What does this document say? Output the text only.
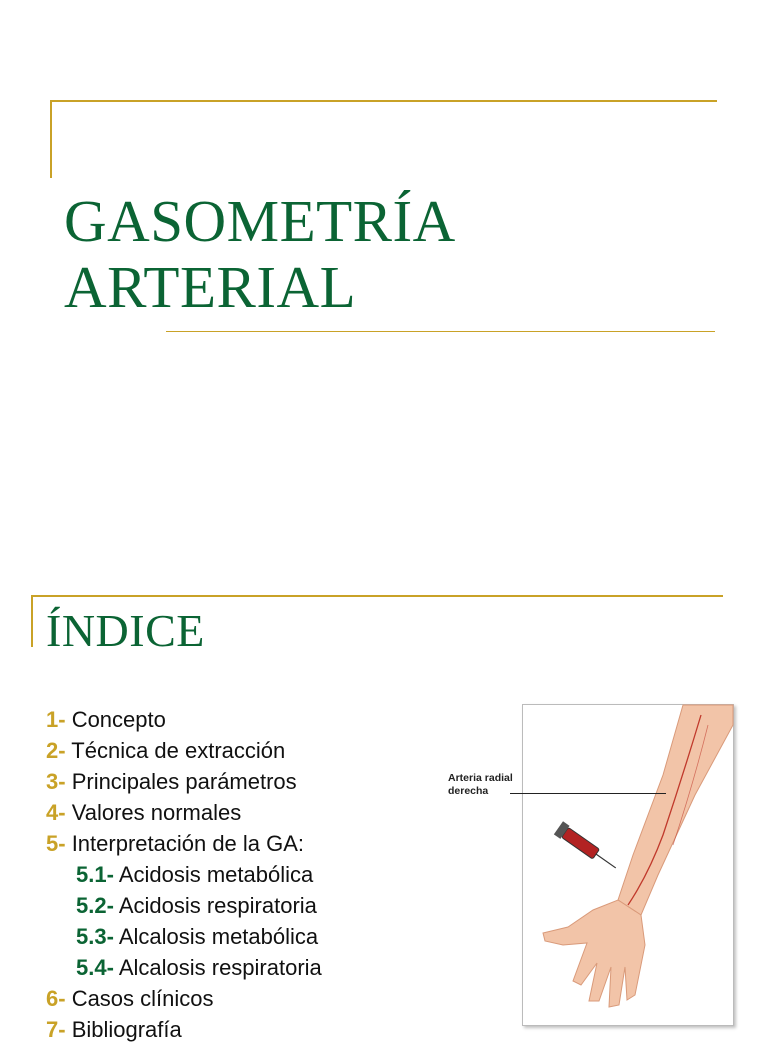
GASOMETRÍA
ARTERIAL
ÍNDICE
1- Concepto
2- Técnica de extracción
3- Principales parámetros
4- Valores normales
5- Interpretación de la GA:
5.1- Acidosis metabólica
5.2- Acidosis respiratoria
5.3- Alcalosis metabólica
5.4- Alcalosis respiratoria
6- Casos clínicos
7- Bibliografía
Arteria radial
derecha
